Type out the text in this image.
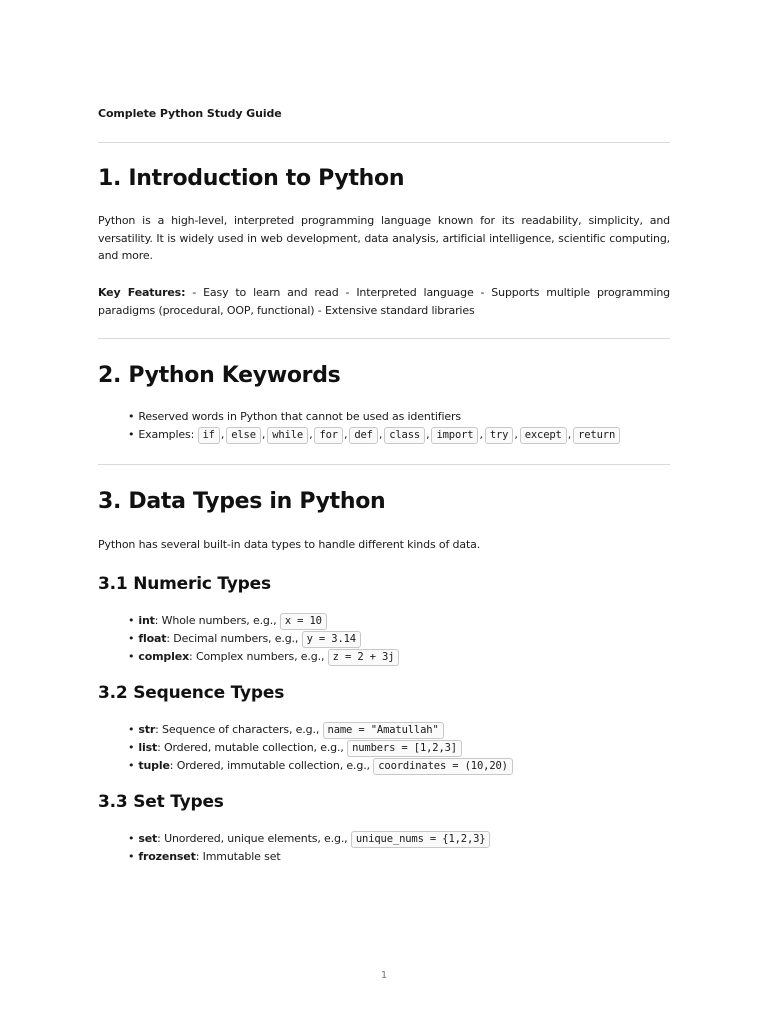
Complete Python Study Guide
1. Introduction to Python

Python is a high-level, interpreted programming language known for its readability, simplicity, and versatility. It is widely used in web development, data analysis, artificial intelligence, scientific computing, and more.

Key Features: - Easy to learn and read - Interpreted language - Supports multiple programming paradigms (procedural, OOP, functional) - Extensive standard libraries

2. Python Keywords
• Reserved words in Python that cannot be used as identifiers
• Examples: if , else , while , for , def , class , import , try , except , return
3. Data Types in Python

Python has several built-in data types to handle different kinds of data.

3.1 Numeric Types
• int: Whole numbers, e.g., x = 10
• float: Decimal numbers, e.g., y = 3.14
• complex: Complex numbers, e.g., z = 2 + 3j
3.2 Sequence Types
• str: Sequence of characters, e.g., name = "Amatullah"
• list: Ordered, mutable collection, e.g., numbers = [1,2,3]
• tuple: Ordered, immutable collection, e.g., coordinates = (10,20)
3.3 Set Types
• set: Unordered, unique elements, e.g., unique_nums = {1,2,3}
• frozenset: Immutable set
1
